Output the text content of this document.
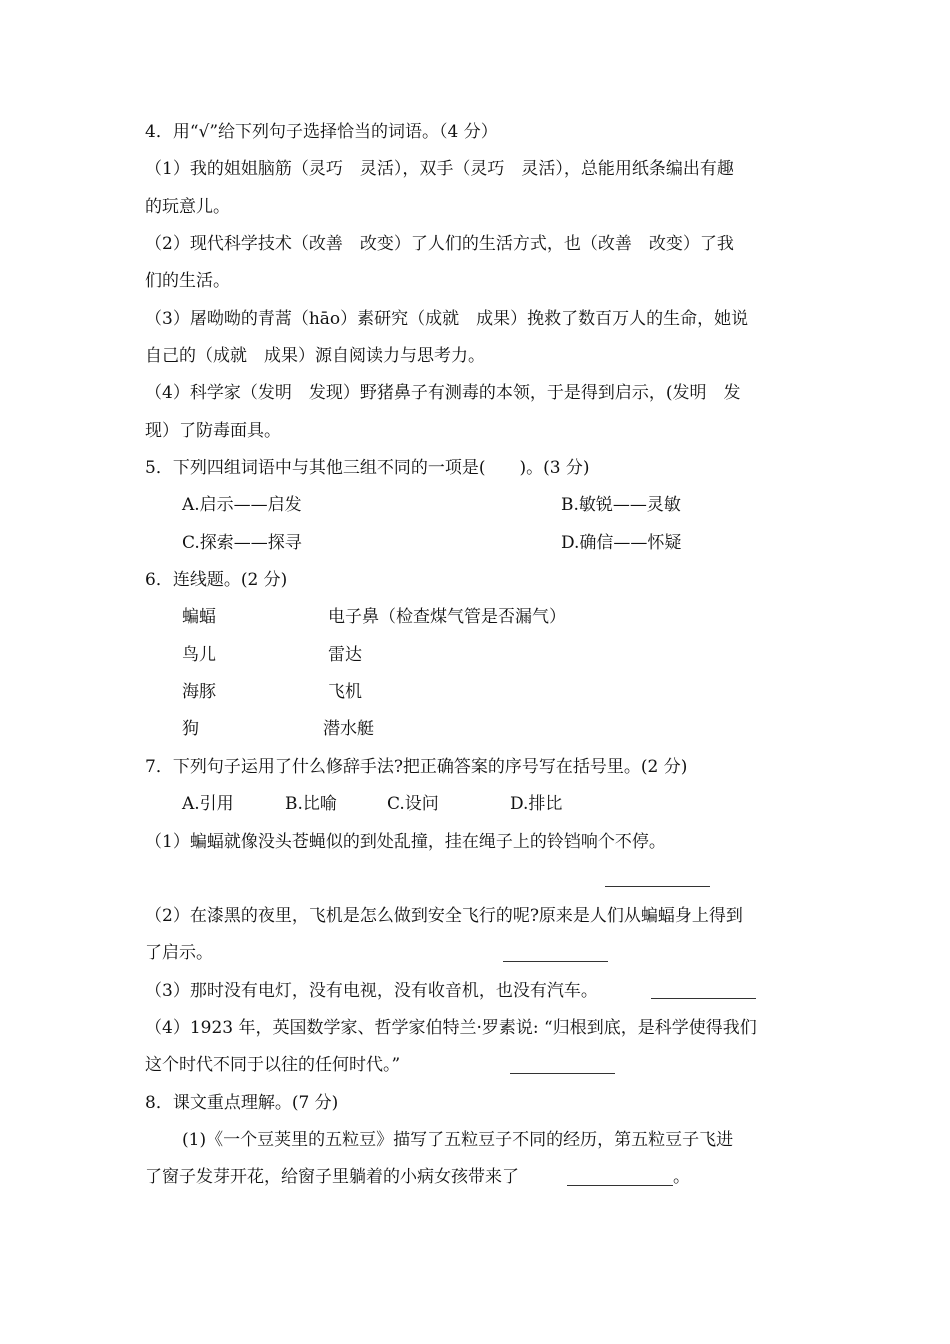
4．用“√”给下列句子选择恰当的词语。（4 分）
（1）我的姐姐脑筋（灵巧　灵活），双手（灵巧　灵活），总能用纸条编出有趣
的玩意儿。
（2）现代科学技术（改善　改变）了人们的生活方式，也（改善　改变）了我
们的生活。
（3）屠呦呦的青蒿（hāo）素研究（成就　成果）挽救了数百万人的生命，她说
自己的（成就　成果）源自阅读力与思考力。
（4）科学家（发明　发现）野猪鼻子有测毒的本领，于是得到启示，(发明　发
现）了防毒面具。
5．下列四组词语中与其他三组不同的一项是(　　)。(3 分)
A.启示——启发	B.敏锐——灵敏
C.探索——探寻	D.确信——怀疑
6．连线题。(2 分)
蝙蝠	电子鼻（检查煤气管是否漏气）
鸟儿	雷达
海豚	飞机
狗	潜水艇
7．下列句子运用了什么修辞手法?把正确答案的序号写在括号里。(2 分)
A.引用	B.比喻	C.设问	D.排比
（1）蝙蝠就像没头苍蝇似的到处乱撞，挂在绳子上的铃铛响个不停。
（2）在漆黑的夜里，飞机是怎么做到安全飞行的呢?原来是人们从蝙蝠身上得到
了启示。
（3）那时没有电灯，没有电视，没有收音机，也没有汽车。
（4）1923 年，英国数学家、哲学家伯特兰·罗素说: “归根到底，是科学使得我们
这个时代不同于以往的任何时代。”
8．课文重点理解。(7 分)
(1)《一个豆荚里的五粒豆》描写了五粒豆子不同的经历，第五粒豆子飞进
了窗子发芽开花，给窗子里躺着的小病女孩带来了	。
